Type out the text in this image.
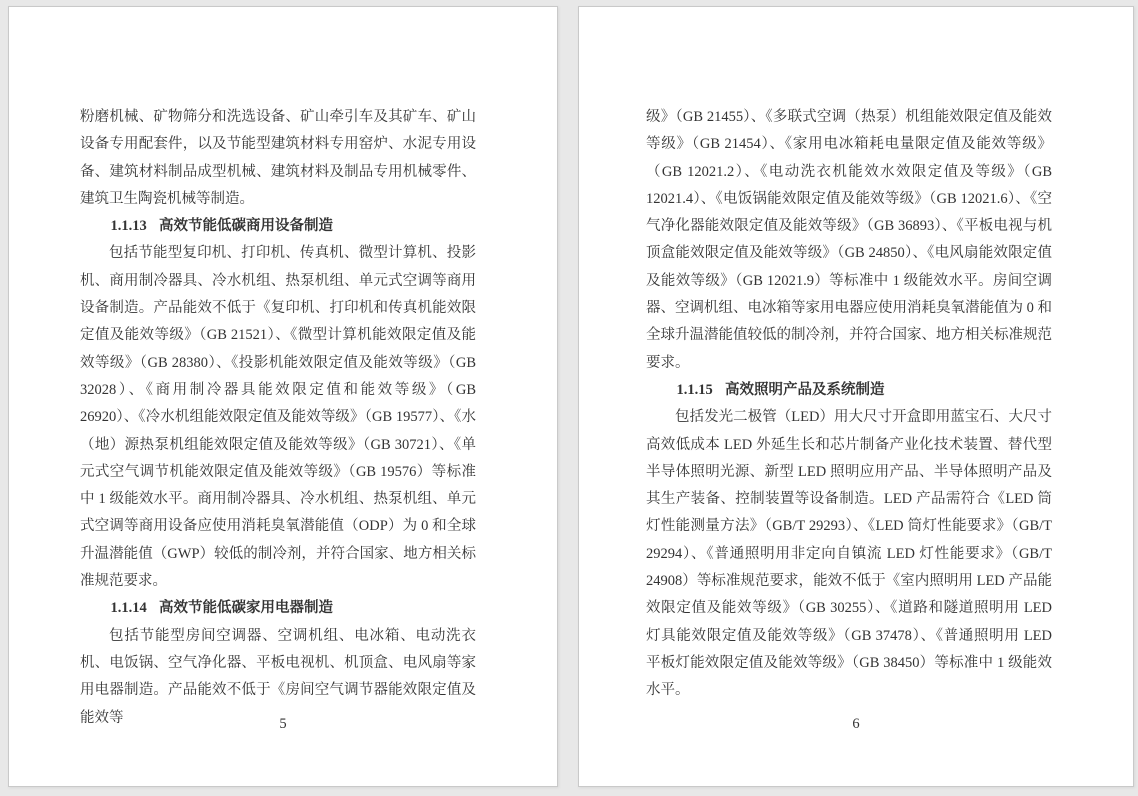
粉磨机械、矿物筛分和洗选设备、矿山牵引车及其矿车、矿山设备专用配套件，以及节能型建筑材料专用窑炉、水泥专用设备、建筑材料制品成型机械、建筑材料及制品专用机械零件、建筑卫生陶瓷机械等制造。

1.1.13 高效节能低碳商用设备制造

包括节能型复印机、打印机、传真机、微型计算机、投影机、商用制冷器具、冷水机组、热泵机组、单元式空调等商用设备制造。产品能效不低于《复印机、打印机和传真机能效限定值及能效等级》（GB 21521）、《微型计算机能效限定值及能效等级》（GB 28380）、《投影机能效限定值及能效等级》（GB 32028）、《商用制冷器具能效限定值和能效等级》（GB 26920）、《冷水机组能效限定值及能效等级》（GB 19577）、《水（地）源热泵机组能效限定值及能效等级》（GB 30721）、《单元式空气调节机能效限定值及能效等级》（GB 19576）等标准中 1 级能效水平。商用制冷器具、冷水机组、热泵机组、单元式空调等商用设备应使用消耗臭氧潜能值（ODP）为 0 和全球升温潜能值（GWP）较低的制冷剂，并符合国家、地方相关标准规范要求。

1.1.14 高效节能低碳家用电器制造

包括节能型房间空调器、空调机组、电冰箱、电动洗衣机、电饭锅、空气净化器、平板电视机、机顶盒、电风扇等家用电器制造。产品能效不低于《房间空气调节器能效限定值及能效等	5

级》（GB 21455）、《多联式空调（热泵）机组能效限定值及能效等级》（GB 21454）、《家用电冰箱耗电量限定值及能效等级》（GB 12021.2）、《电动洗衣机能效水效限定值及等级》（GB 12021.4）、《电饭锅能效限定值及能效等级》（GB 12021.6）、《空气净化器能效限定值及能效等级》（GB 36893）、《平板电视与机顶盒能效限定值及能效等级》（GB 24850）、《电风扇能效限定值及能效等级》（GB 12021.9）等标准中 1 级能效水平。房间空调器、空调机组、电冰箱等家用电器应使用消耗臭氧潜能值为 0 和全球升温潜能值较低的制冷剂，并符合国家、地方相关标准规范要求。

1.1.15 高效照明产品及系统制造

包括发光二极管（LED）用大尺寸开盒即用蓝宝石、大尺寸高效低成本 LED 外延生长和芯片制备产业化技术装置、替代型半导体照明光源、新型 LED 照明应用产品、半导体照明产品及其生产装备、控制装置等设备制造。LED 产品需符合《LED 筒灯性能测量方法》（GB/T 29293）、《LED 筒灯性能要求》（GB/T 29294）、《普通照明用非定向自镇流 LED 灯性能要求》（GB/T 24908）等标准规范要求，能效不低于《室内照明用 LED 产品能效限定值及能效等级》（GB 30255）、《道路和隧道照明用 LED 灯具能效限定值及能效等级》（GB 37478）、《普通照明用 LED 平板灯能效限定值及能效等级》（GB 38450）等标准中 1 级能效水平。

6
